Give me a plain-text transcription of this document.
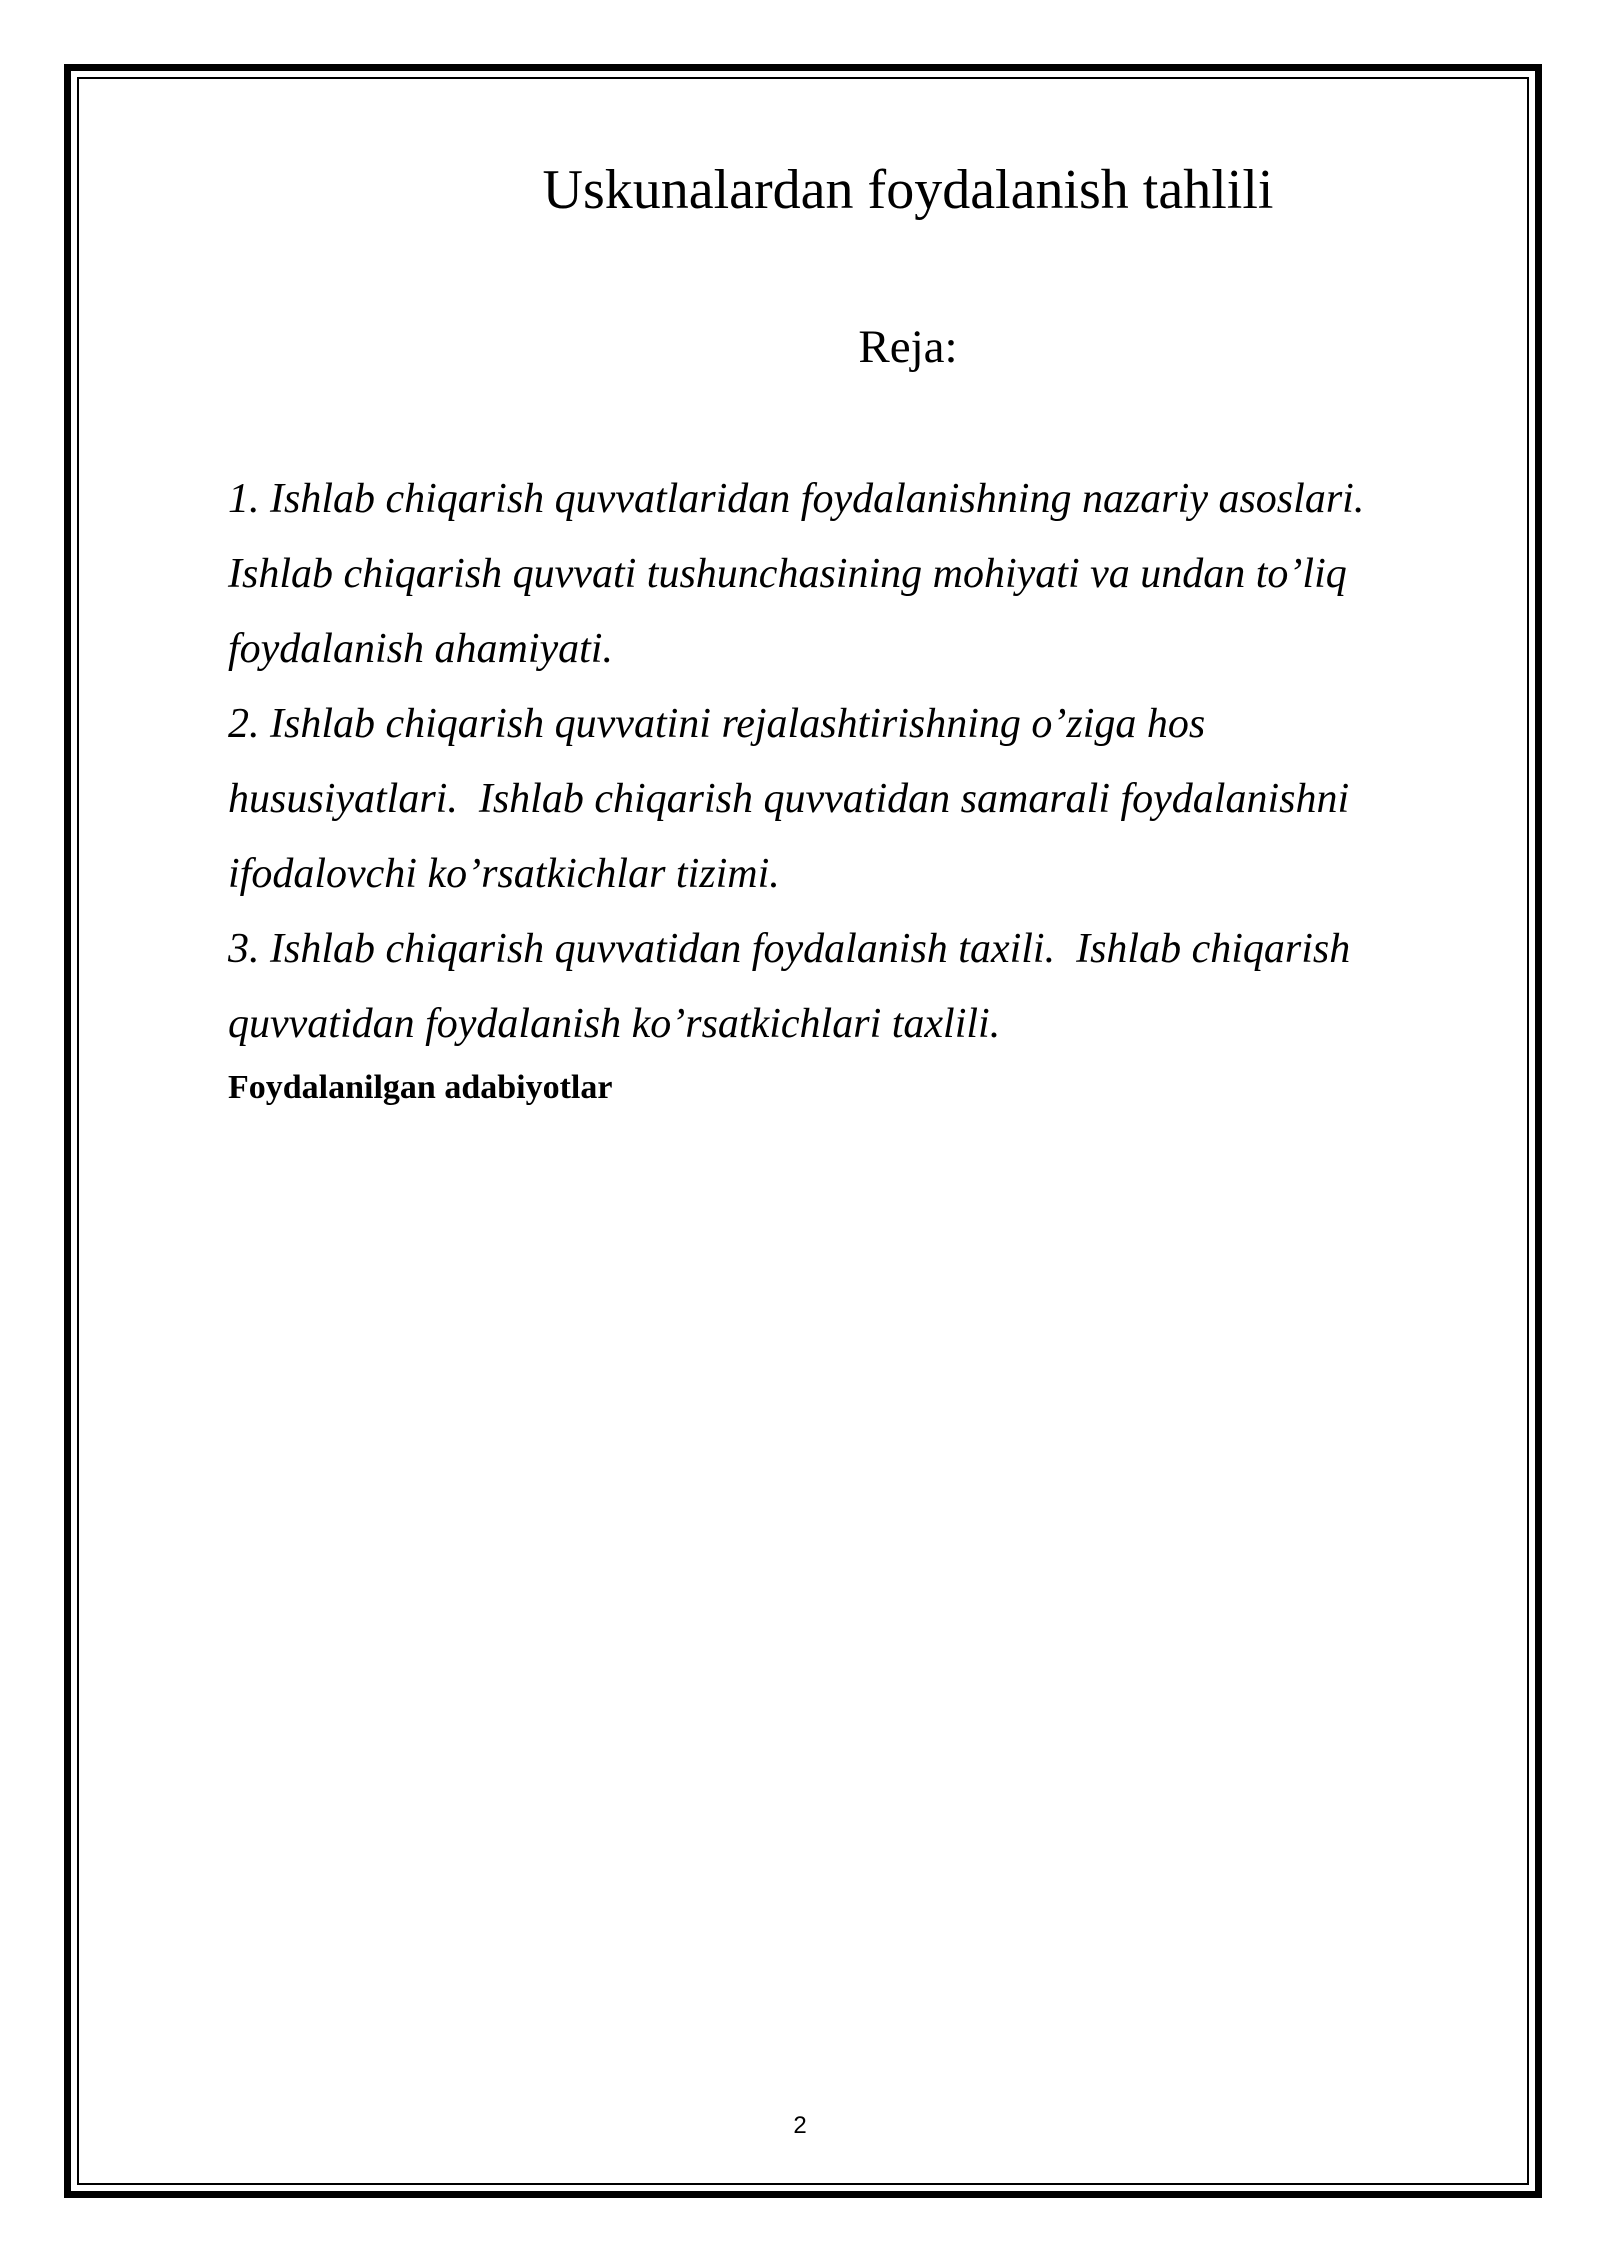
Uskunalardan foydalanish tahlili
Reja:

1. Ishlab chiqarish quvvatlaridan foydalanishning nazariy asoslari.

Ishlab chiqarish quvvati tushunchasining mohiyati va undan to’liq

foydalanish ahamiyati.

2. Ishlab chiqarish quvvatini rejalashtirishning o’ziga hos

hususiyatlari.  Ishlab chiqarish quvvatidan samarali foydalanishni

ifodalovchi ko’rsatkichlar tizimi.

3. Ishlab chiqarish quvvatidan foydalanish taxili.  Ishlab chiqarish

quvvatidan foydalanish ko’rsatkichlari taxlili.

Foydalanilgan adabiyotlar
2
